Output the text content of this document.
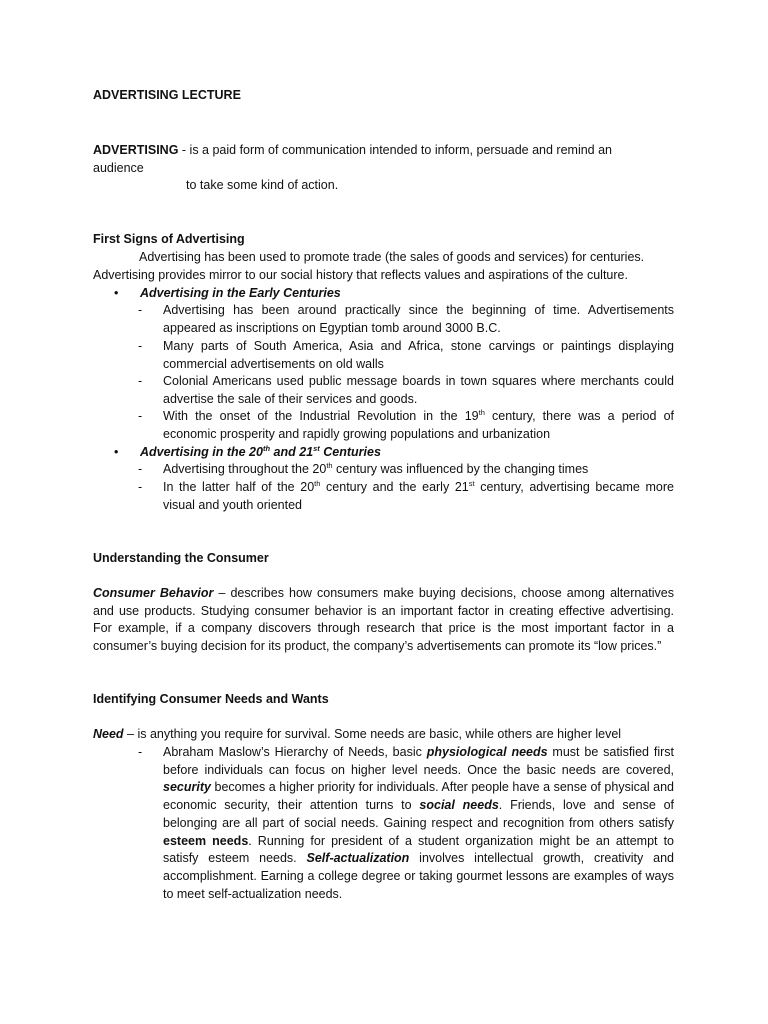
ADVERTISING LECTURE
ADVERTISING - is a paid form of communication intended to inform, persuade and remind an
audience
to take some kind of action.
First Signs of Advertising
Advertising has been used to promote trade (the sales of goods and services) for centuries.
Advertising provides mirror to our social history that reflects values and aspirations of the culture.
•	Advertising in the Early Centuries
-	Advertising has been around practically since the beginning of time. Advertisements appeared as inscriptions on Egyptian tomb around 3000 B.C.
-	Many parts of South America, Asia and Africa, stone carvings or paintings displaying commercial advertisements on old walls
-	Colonial Americans used public message boards in town squares where merchants could advertise the sale of their services and goods.
-	With the onset of the Industrial Revolution in the 19th century, there was a period of economic prosperity and rapidly growing populations and urbanization
•	Advertising in the 20th and 21st Centuries
-	Advertising throughout the 20th century was influenced by the changing times
-	In the latter half of the 20th century and the early 21st century, advertising became more visual and youth oriented
Understanding the Consumer
Consumer Behavior – describes how consumers make buying decisions, choose among alternatives and use products. Studying consumer behavior is an important factor in creating effective advertising. For example, if a company discovers through research that price is the most important factor in a consumer’s buying decision for its product, the company’s advertisements can promote its “low prices.”
Identifying Consumer Needs and Wants
Need – is anything you require for survival. Some needs are basic, while others are higher level
-	Abraham Maslow’s Hierarchy of Needs, basic physiological needs must be satisfied first before individuals can focus on higher level needs. Once the basic needs are covered, security becomes a higher priority for individuals. After people have a sense of physical and economic security, their attention turns to social needs. Friends, love and sense of belonging are all part of social needs. Gaining respect and recognition from others satisfy esteem needs. Running for president of a student organization might be an attempt to satisfy esteem needs. Self-actualization involves intellectual growth, creativity and accomplishment. Earning a college degree or taking gourmet lessons are examples of ways to meet self-actualization needs.
